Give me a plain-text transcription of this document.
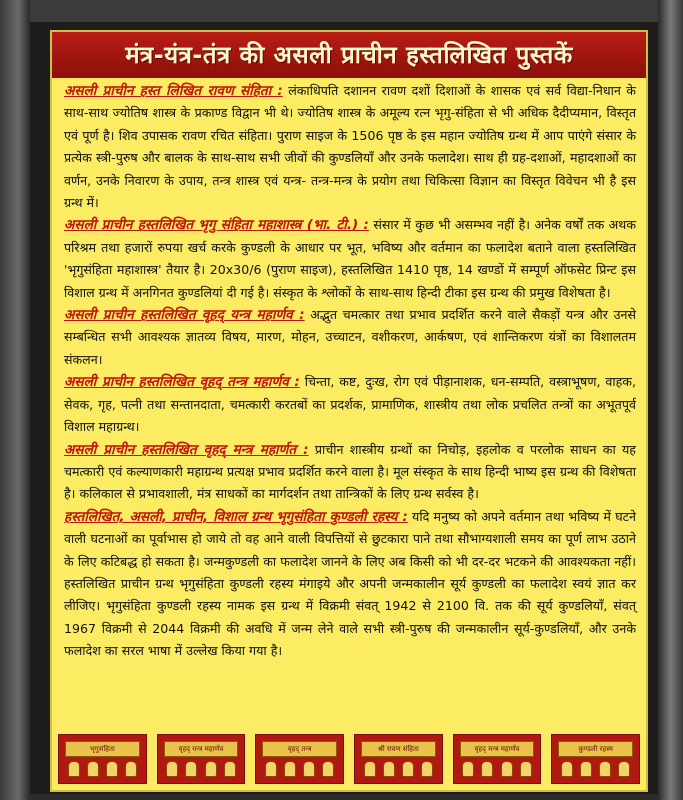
मंत्र-यंत्र-तंत्र की असली प्राचीन हस्तलिखित पुस्तकें

असली प्राचीन हस्त लिखित रावण संहिता : लंकाधिपति दशानन रावण दशों दिशाओं के शासक एवं सर्व विद्या-निधान के साथ-साथ ज्योतिष शास्त्र के प्रकाण्ड विद्वान भी थे। ज्योतिष शास्त्र के अमूल्य रत्न भृगु-संहिता से भी अधिक दैदीप्यमान, विस्तृत एवं पूर्ण है। शिव उपासक रावण रचित संहिता। पुराण साइज के 1506 पृष्ठ के इस महान ज्योतिष ग्रन्थ में आप पाएंगे संसार के प्रत्येक स्त्री-पुरुष और बालक के साथ-साथ सभी जीवों की कुण्डलियाँ और उनके फलादेश। साथ ही ग्रह-दशाओं, महादशाओं का वर्णन, उनके निवारण के उपाय, तन्त्र शास्त्र एवं यन्त्र- तन्त्र-मन्त्र के प्रयोग तथा चिकित्सा विज्ञान का विस्तृत विवेचन भी है इस ग्रन्थ में।

असली प्राचीन हस्तलिखित भृगु संहिता महाशास्त्र (भा. टी.) : संसार में कुछ भी असम्भव नहीं है। अनेक वर्षों तक अथक परिश्रम तथा हजारों रुपया खर्च करके कुण्डली के आधार पर भूत, भविष्य और वर्तमान का फलादेश बताने वाला हस्तलिखित 'भृगुसंहिता महाशास्त्र' तैयार है। 20x30/6 (पुराण साइज), हस्तलिखित 1410 पृष्ठ, 14 खण्डों में सम्पूर्ण ऑफसेट प्रिन्ट इस विशाल ग्रन्थ में अनगिनत कुण्डलियां दी गई है। संस्कृत के श्लोकों के साथ-साथ हिन्दी टीका इस ग्रन्थ की प्रमुख विशेषता है।

असली प्राचीन हस्तलिखित वृहद् यन्त्र महार्णव : अद्भुत चमत्कार तथा प्रभाव प्रदर्शित करने वाले सैकड़ों यन्त्र और उनसे सम्बन्धित सभी आवश्यक ज्ञातव्य विषय, मारण, मोहन, उच्चाटन, वशीकरण, आर्कषण, एवं शान्तिकरण यंत्रों का विशालतम संकलन।

असली प्राचीन हस्तलिखित वृहद् तन्त्र महार्णव : चिन्ता, कष्ट, दुःख, रोग एवं पीड़ानाशक, धन-सम्पति, वस्त्राभूषण, वाहक, सेवक, गृह, पत्नी तथा सन्तानदाता, चमत्कारी करतबों का प्रदर्शक, प्रामाणिक, शास्त्रीय तथा लोक प्रचलित तन्त्रों का अभूतपूर्व विशाल महाग्रन्थ।

असली प्राचीन हस्तलिखित वृहद् मन्त्र महार्णत : प्राचीन शास्त्रीय ग्रन्थों का निचोड़, इहलोक व परलोक साधन का यह चमत्कारी एवं कल्याणकारी महाग्रन्थ प्रत्यक्ष प्रभाव प्रदर्शित करने वाला है। मूल संस्कृत के साथ हिन्दी भाष्य इस ग्रन्थ की विशेषता है। कलिकाल से प्रभावशाली, मंत्र साधकों का मार्गदर्शन तथा तान्त्रिकों के लिए ग्रन्थ सर्वस्व है।

हस्तलिखित, असली, प्राचीन, विशाल ग्रन्थ भृगुसंहिता कुण्डली रहस्य : यदि मनुष्य को अपने वर्तमान तथा भविष्य में घटने वाली घटनाओं का पूर्वाभास हो जाये तो वह आने वाली विपत्तियों से छुटकारा पाने तथा सौभाग्यशाली समय का पूर्ण लाभ उठाने के लिए कटिबद्ध हो सकता है। जन्मकुण्डली का फलादेश जानने के लिए अब किसी को भी दर-दर भटकने की आवश्यकता नहीं। हस्तलिखित प्राचीन ग्रन्थ भृगुसंहिता कुण्डली रहस्य मंगाइये और अपनी जन्मकालीन सूर्य कुण्डली का फलादेश स्वयं ज्ञात कर लीजिए। भृगुसंहिता कुण्डली रहस्य नामक इस ग्रन्थ में विक्रमी संवत् 1942 से 2100 वि. तक की सूर्य कुण्डलियाँ, संवत् 1967 विक्रमी से 2044 विक्रमी की अवधि में जन्म लेने वाले सभी स्त्री-पुरुष की जन्मकालीन सूर्य-कुण्डलियाँ, और उनके फलादेश का सरल भाषा में उल्लेख किया गया है।

भृगुसंहिता	वृहद् यन्त्र महार्णव	वृहद् तन्त्र	श्री रावण संहिता	वृहद् मन्त्र महार्णव	कुण्डली रहस्य
